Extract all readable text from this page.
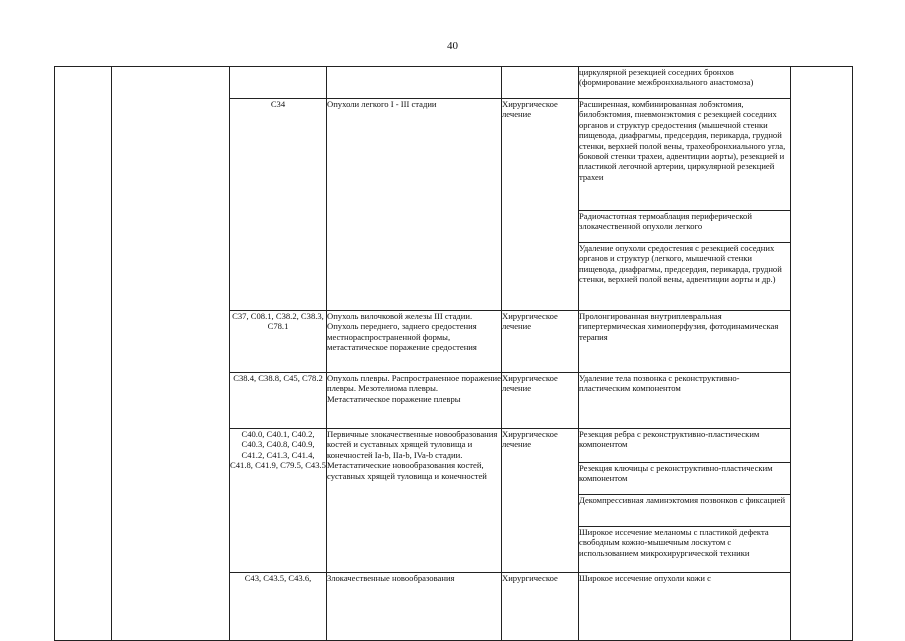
40
					циркулярной резекцией соседних бронхов (формирование межбронхиального анастомоза)	
		C34	Опухоли легкого I - III стадии	Хирургическое лечение	Расширенная, комбинированная лобэктомия, билобэктомия, пневмонэктомия с резекцией соседних органов и структур средостения (мышечной стенки пищевода, диафрагмы, предсердия, перикарда, грудной стенки, верхней полой вены, трахеобронхиального угла, боковой стенки трахеи, адвентиции аорты), резекцией и пластикой легочной артерии, циркулярной резекцией трахеи	
					Радиочастотная термоаблация периферической злокачественной опухоли легкого	
					Удаление опухоли средостения с резекцией соседних органов и структур (легкого, мышечной стенки пищевода, диафрагмы, предсердия, перикарда, грудной стенки, верхней полой вены, адвентиции аорты и др.)	
		C37, C08.1, C38.2, C38.3, C78.1	Опухоль вилочковой железы III стадии. Опухоль переднего, заднего средостения местнораспространенной формы, метастатическое поражение средостения	Хирургическое лечение	Пролонгированная внутриплевральная гипертермическая химиоперфузия, фотодинамическая терапия	
		C38.4, C38.8, C45, C78.2	Опухоль плевры. Распространенное поражение плевры. Мезотелиома плевры. Метастатическое поражение плевры	Хирургическое лечение	Удаление тела позвонка с реконструктивно-пластическим компонентом	
		C40.0, C40.1, C40.2, C40.3, C40.8, C40.9, C41.2, C41.3, C41.4, C41.8, C41.9, C79.5, C43.5	Первичные злокачественные новообразования костей и суставных хрящей туловища и конечностей Ia-b, IIa-b, IVa-b стадии. Метастатические новообразования костей, суставных хрящей туловища и конечностей	Хирургическое лечение	Резекция ребра с реконструктивно-пластическим компонентом	
					Резекция ключицы с реконструктивно-пластическим компонентом	
					Декомпрессивная ламинэктомия позвонков с фиксацией	
					Широкое иссечение меланомы с пластикой дефекта свободным кожно-мышечным лоскутом с использованием микрохирургической техники	
		C43, C43.5, C43.6,	Злокачественные новообразования	Хирургическое	Широкое иссечение опухоли кожи с	
